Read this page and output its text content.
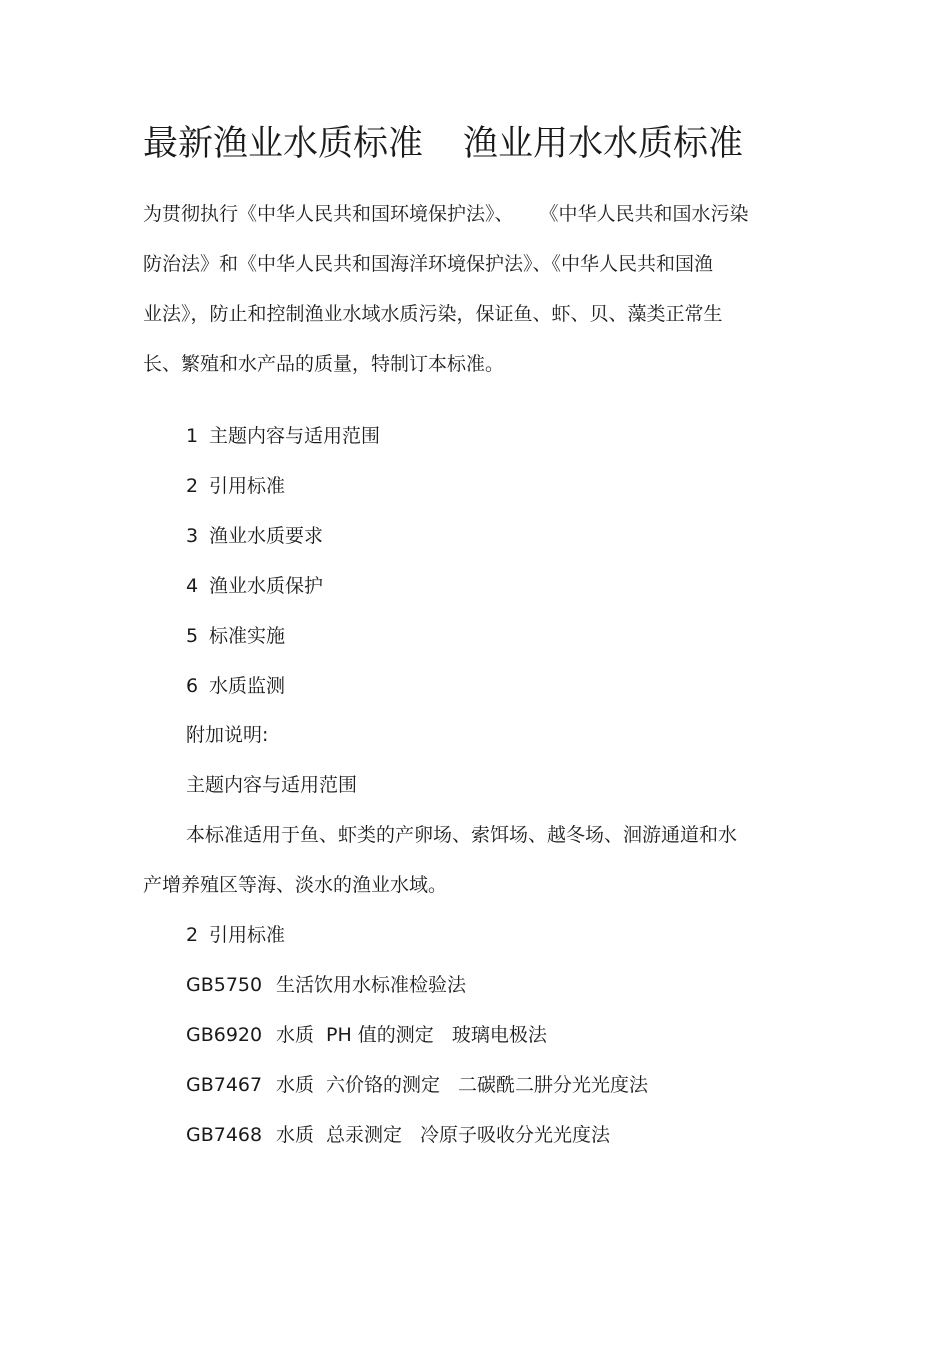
最新渔业水质标准 渔业用水水质标准
为贯彻执行《中华人民共和国环境保护法》、 《中华人民共和国水污染
防治法》和《中华人民共和国海洋环境保护法》、《中华人民共和国渔
业法》，防止和控制渔业水域水质污染，保证鱼、虾、贝、藻类正常生
长、繁殖和水产品的质量，特制订本标准。
1 主题内容与适用范围
2 引用标准
3 渔业水质要求
4 渔业水质保护
5 标准实施
6 水质监测
附加说明:
主题内容与适用范围
本标准适用于鱼、虾类的产卵场、索饵场、越冬场、洄游通道和水
产增养殖区等海、淡水的渔业水域。
2 引用标准
GB5750 生活饮用水标准检验法
GB6920 水质 PH 值的测定 玻璃电极法
GB7467 水质 六价铬的测定 二碳酰二肼分光光度法
GB7468 水质 总汞测定 冷原子吸收分光光度法
